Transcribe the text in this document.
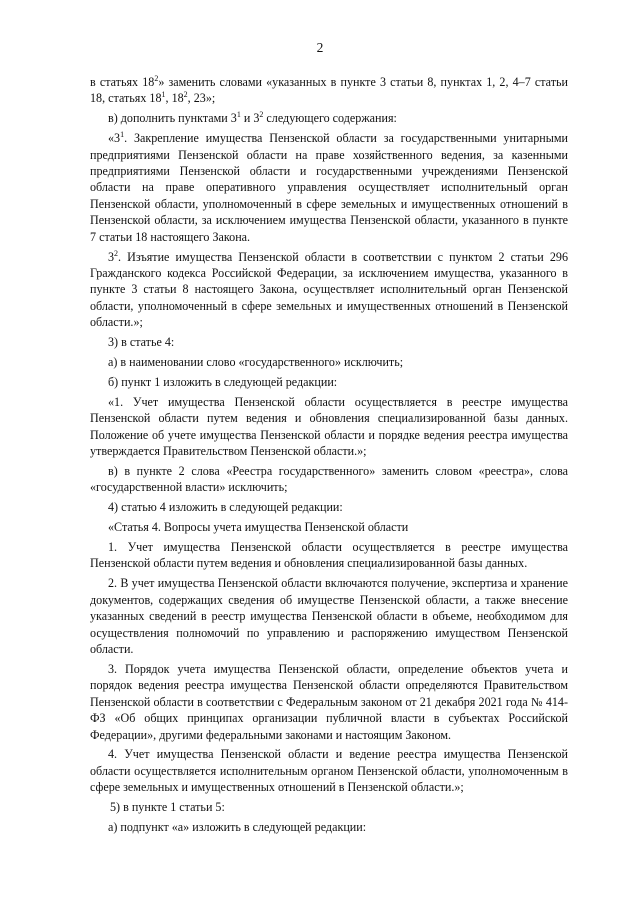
2

в статьях $18^2$» заменить словами «указанных в пункте 3 статьи 8, пунктах 1, 2, 4–7 статьи 18, статьях $18^1$, $18^2$, 23»;

в) дополнить пунктами $3^1$ и $3^2$ следующего содержания:

«$3^1$. Закрепление имущества Пензенской области за государственными унитарными предприятиями Пензенской области на праве хозяйственного ведения, за казенными предприятиями Пензенской области и государственными учреждениями Пензенской области на праве оперативного управления осуществляет исполнительный орган Пензенской области, уполномоченный в сфере земельных и имущественных отношений в Пензенской области, за исключением имущества Пензенской области, указанного в пункте 7 статьи 18 настоящего Закона.

$3^2$. Изъятие имущества Пензенской области в соответствии с пунктом 2 статьи 296 Гражданского кодекса Российской Федерации, за исключением имущества, указанного в пункте 3 статьи 8 настоящего Закона, осуществляет исполнительный орган Пензенской области, уполномоченный в сфере земельных и имущественных отношений в Пензенской области.»;

3) в статье 4:

а) в наименовании слово «государственного» исключить;

б) пункт 1 изложить в следующей редакции:

«1. Учет имущества Пензенской области осуществляется в реестре имущества Пензенской области путем ведения и обновления специализированной базы данных. Положение об учете имущества Пензенской области и порядке ведения реестра имущества утверждается Правительством Пензенской области.»;

в) в пункте 2 слова «Реестра государственного» заменить словом «реестра», слова «государственной власти» исключить;

4) статью 4 изложить в следующей редакции:

«Статья 4. Вопросы учета имущества Пензенской области

1. Учет имущества Пензенской области осуществляется в реестре имущества Пензенской области путем ведения и обновления специализированной базы данных.

2. В учет имущества Пензенской области включаются получение, экспертиза и хранение документов, содержащих сведения об имуществе Пензенской области, а также внесение указанных сведений в реестр имущества Пензенской области в объеме, необходимом для осуществления полномочий по управлению и распоряжению имуществом Пензенской области.

3. Порядок учета имущества Пензенской области, определение объектов учета и порядок ведения реестра имущества Пензенской области определяются Правительством Пензенской области в соответствии с Федеральным законом от 21 декабря 2021 года № 414-ФЗ «Об общих принципах организации публичной власти в субъектах Российской Федерации», другими федеральными законами и настоящим Законом.

4. Учет имущества Пензенской области и ведение реестра имущества Пензенской области осуществляется исполнительным органом Пензенской области, уполномоченным в сфере земельных и имущественных отношений в Пензенской области.»;

5) в пункте 1 статьи 5:

а) подпункт «а» изложить в следующей редакции:
